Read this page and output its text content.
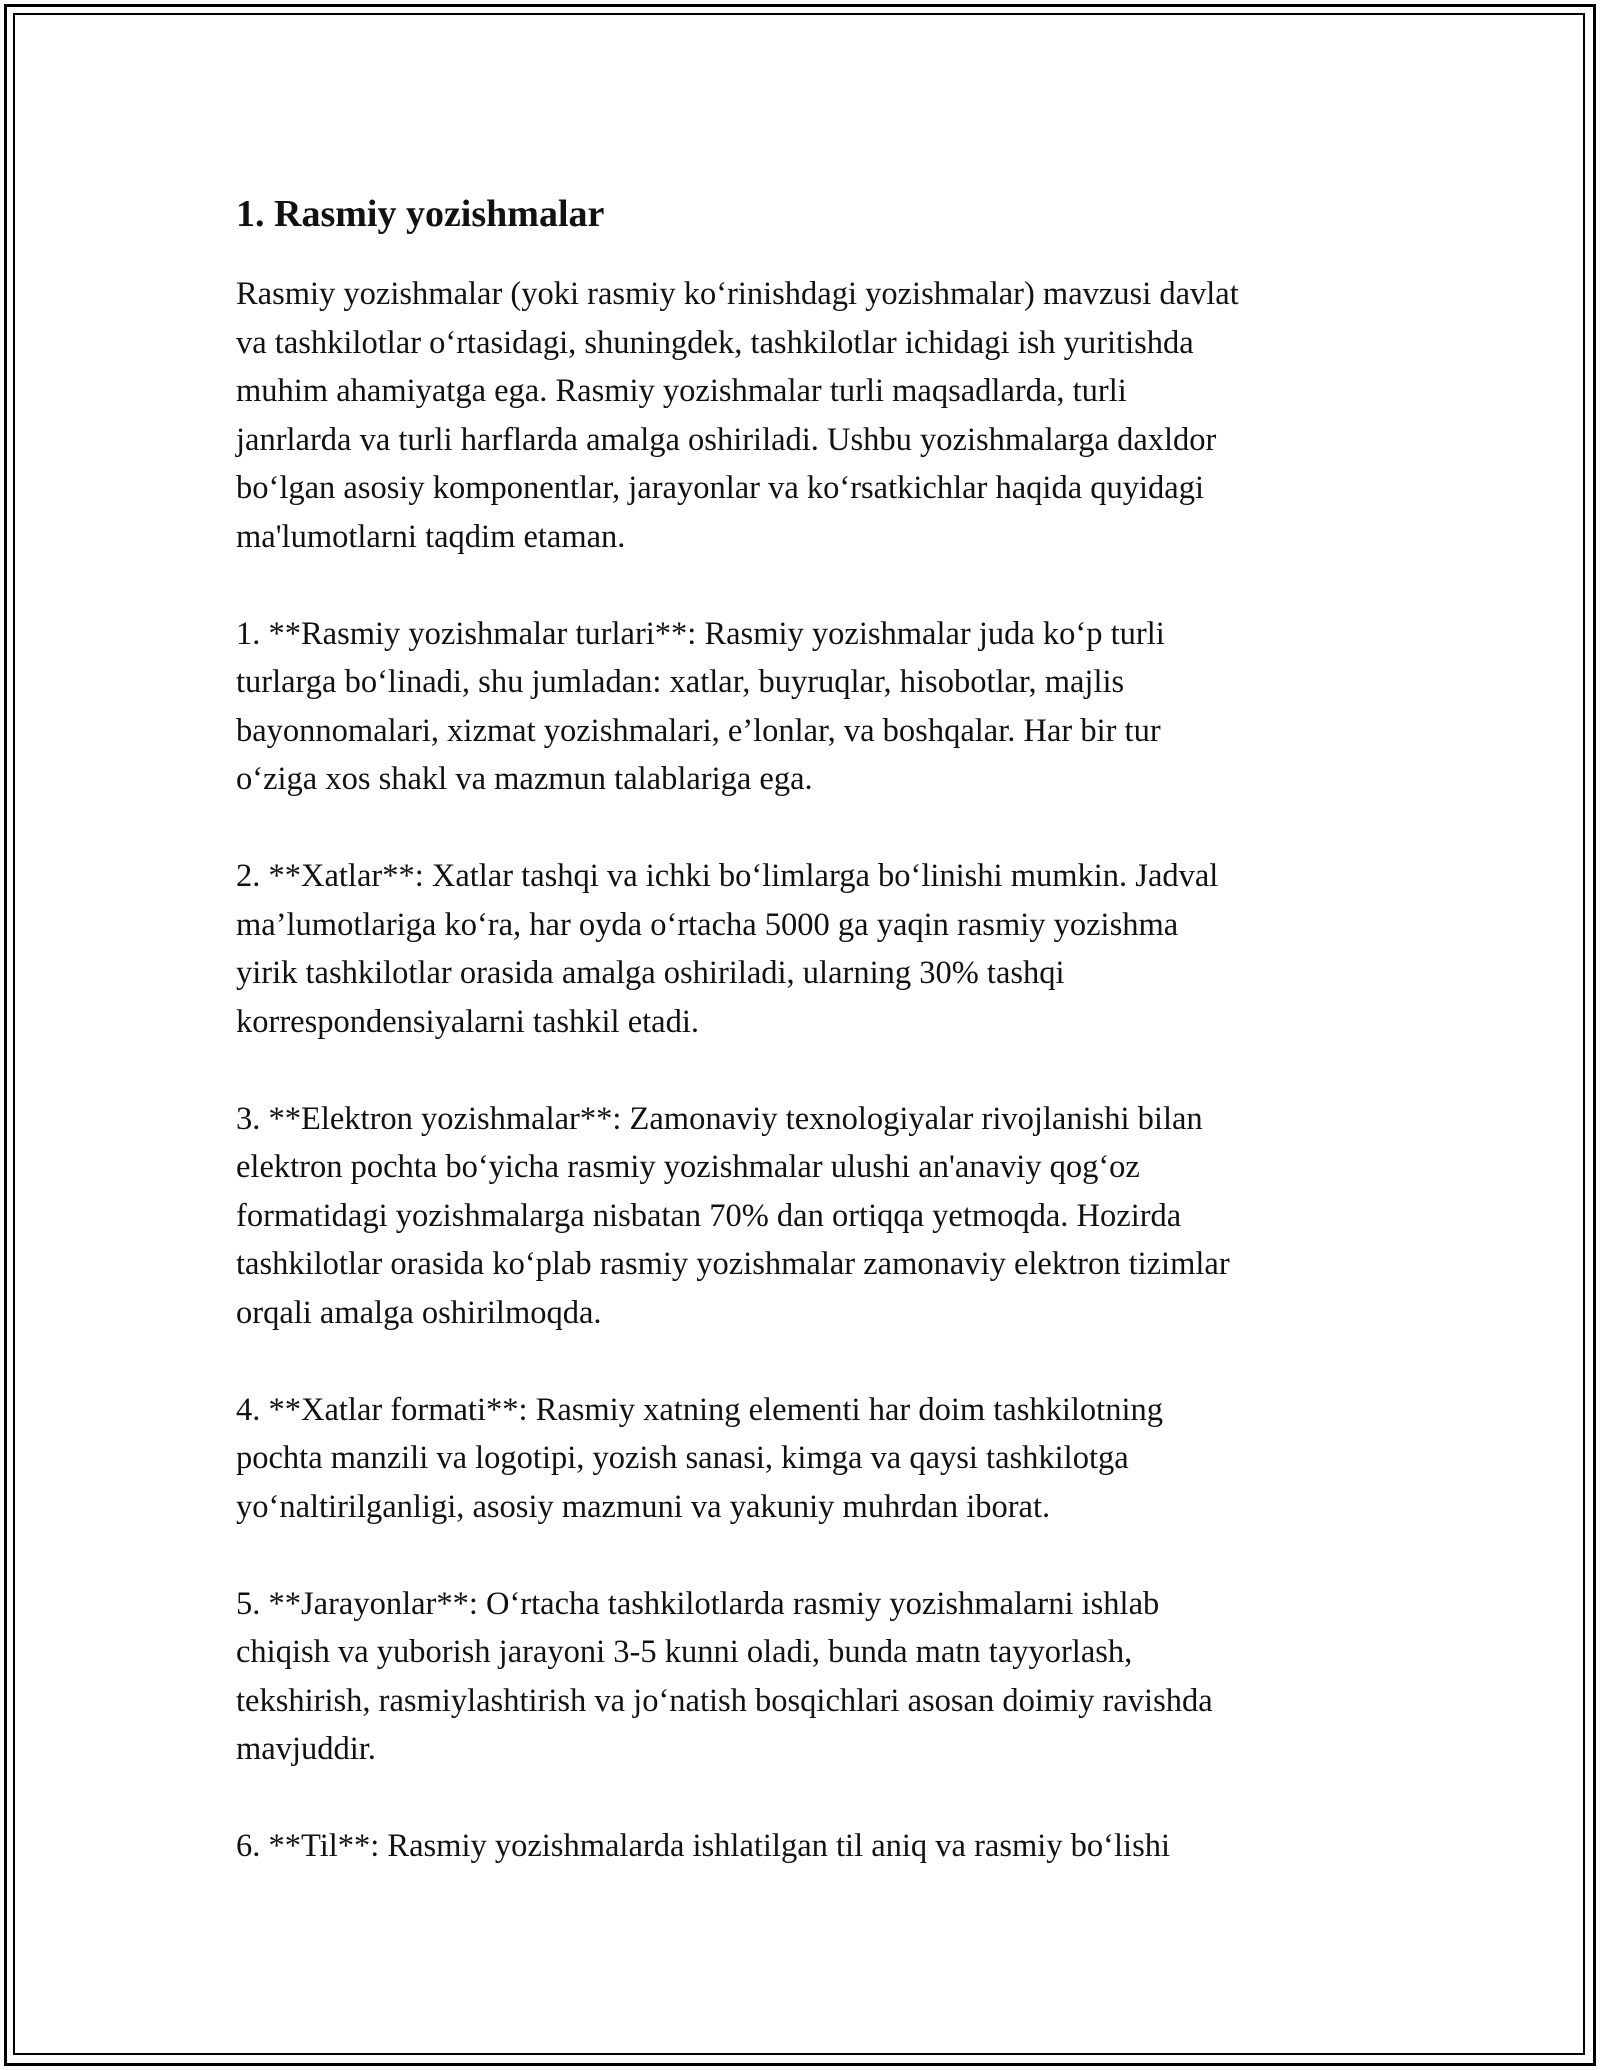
1. Rasmiy yozishmalar

Rasmiy yozishmalar (yoki rasmiy ko‘rinishdagi yozishmalar) mavzusi davlat
va tashkilotlar o‘rtasidagi, shuningdek, tashkilotlar ichidagi ish yuritishda
muhim ahamiyatga ega. Rasmiy yozishmalar turli maqsadlarda, turli
janrlarda va turli harflarda amalga oshiriladi. Ushbu yozishmalarga daxldor
bo‘lgan asosiy komponentlar, jarayonlar va ko‘rsatkichlar haqida quyidagi
ma'lumotlarni taqdim etaman.

1. **Rasmiy yozishmalar turlari**: Rasmiy yozishmalar juda ko‘p turli
turlarga bo‘linadi, shu jumladan: xatlar, buyruqlar, hisobotlar, majlis
bayonnomalari, xizmat yozishmalari, e’lonlar, va boshqalar. Har bir tur
o‘ziga xos shakl va mazmun talablariga ega.

2. **Xatlar**: Xatlar tashqi va ichki bo‘limlarga bo‘linishi mumkin. Jadval
ma’lumotlariga ko‘ra, har oyda o‘rtacha 5000 ga yaqin rasmiy yozishma
yirik tashkilotlar orasida amalga oshiriladi, ularning 30% tashqi
korrespondensiyalarni tashkil etadi.

3. **Elektron yozishmalar**: Zamonaviy texnologiyalar rivojlanishi bilan
elektron pochta bo‘yicha rasmiy yozishmalar ulushi an'anaviy qog‘oz
formatidagi yozishmalarga nisbatan 70% dan ortiqqa yetmoqda. Hozirda
tashkilotlar orasida ko‘plab rasmiy yozishmalar zamonaviy elektron tizimlar
orqali amalga oshirilmoqda.

4. **Xatlar formati**: Rasmiy xatning elementi har doim tashkilotning
pochta manzili va logotipi, yozish sanasi, kimga va qaysi tashkilotga
yo‘naltirilganligi, asosiy mazmuni va yakuniy muhrdan iborat.

5. **Jarayonlar**: O‘rtacha tashkilotlarda rasmiy yozishmalarni ishlab
chiqish va yuborish jarayoni 3-5 kunni oladi, bunda matn tayyorlash,
tekshirish, rasmiylashtirish va jo‘natish bosqichlari asosan doimiy ravishda
mavjuddir.

6. **Til**: Rasmiy yozishmalarda ishlatilgan til aniq va rasmiy bo‘lishi
